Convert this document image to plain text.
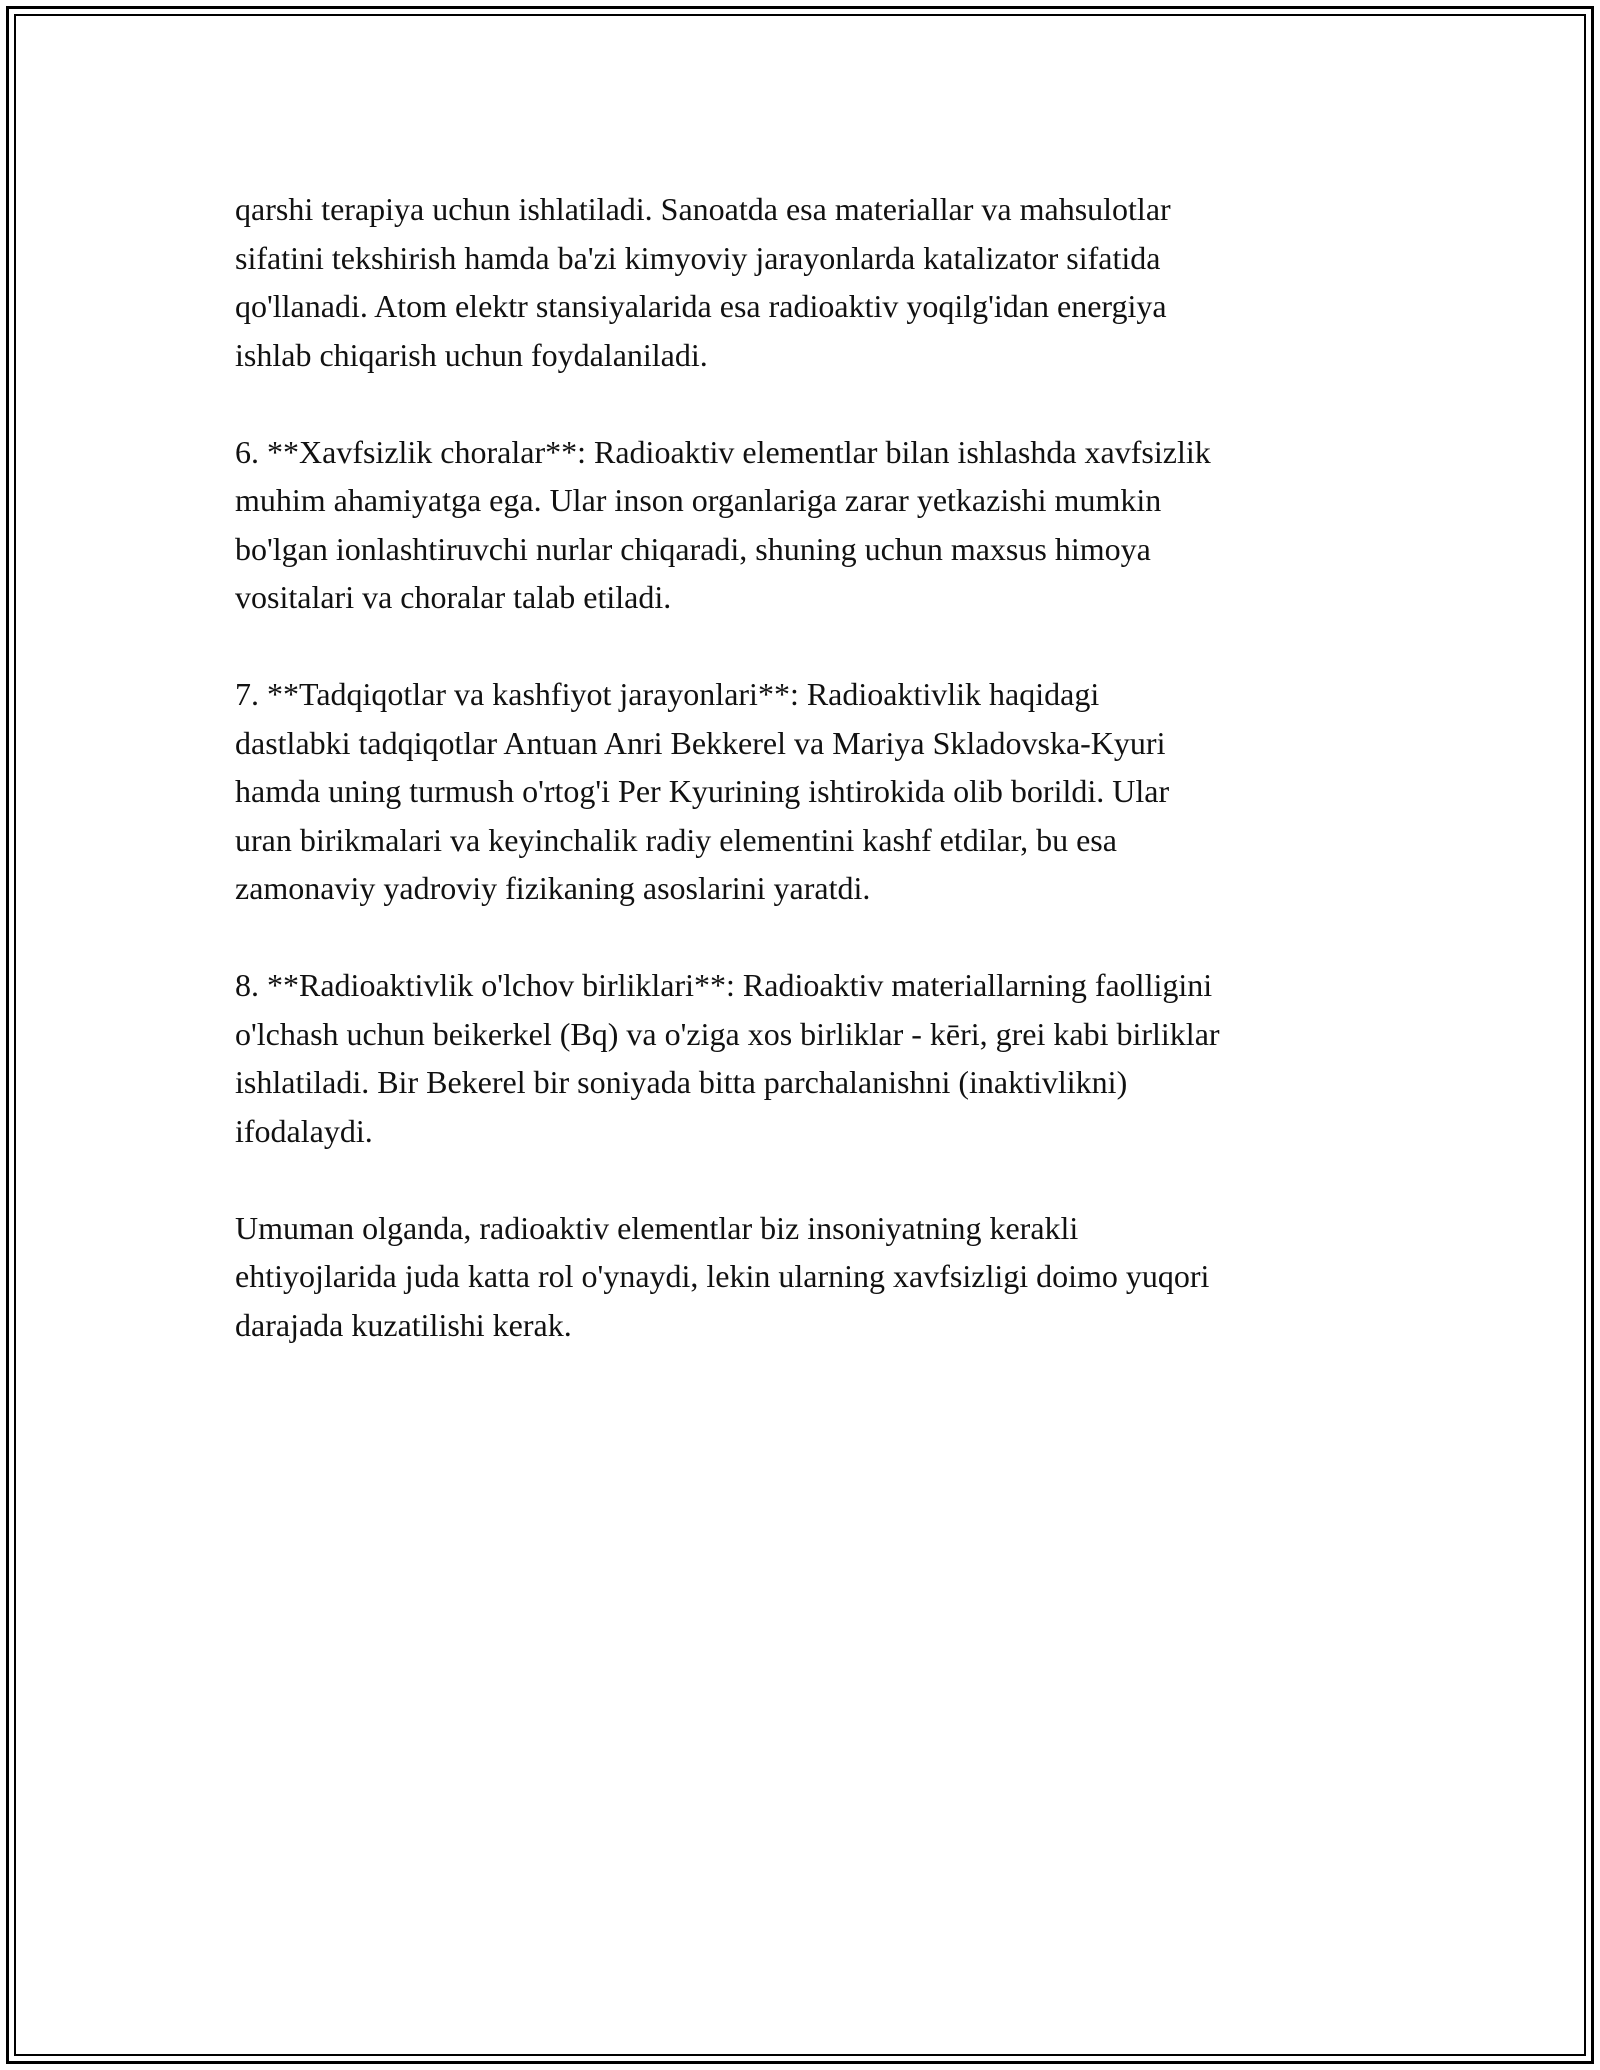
qarshi terapiya uchun ishlatiladi. Sanoatda esa materiallar va mahsulotlar
sifatini tekshirish hamda ba'zi kimyoviy jarayonlarda katalizator sifatida
qo'llanadi. Atom elektr stansiyalarida esa radioaktiv yoqilg'idan energiya
ishlab chiqarish uchun foydalaniladi.

6. **Xavfsizlik choralar**: Radioaktiv elementlar bilan ishlashda xavfsizlik
muhim ahamiyatga ega. Ular inson organlariga zarar yetkazishi mumkin
bo'lgan ionlashtiruvchi nurlar chiqaradi, shuning uchun maxsus himoya
vositalari va choralar talab etiladi.

7. **Tadqiqotlar va kashfiyot jarayonlari**: Radioaktivlik haqidagi
dastlabki tadqiqotlar Antuan Anri Bekkerel va Mariya Skladovska-Kyuri
hamda uning turmush o'rtog'i Per Kyurining ishtirokida olib borildi. Ular
uran birikmalari va keyinchalik radiy elementini kashf etdilar, bu esa
zamonaviy yadroviy fizikaning asoslarini yaratdi.

8. **Radioaktivlik o'lchov birliklari**: Radioaktiv materiallarning faolligini
o'lchash uchun beikerkel (Bq) va o'ziga xos birliklar - kēri, grei kabi birliklar
ishlatiladi. Bir Bekerel bir soniyada bitta parchalanishni (inaktivlikni)
ifodalaydi.

Umuman olganda, radioaktiv elementlar biz insoniyatning kerakli
ehtiyojlarida juda katta rol o'ynaydi, lekin ularning xavfsizligi doimo yuqori
darajada kuzatilishi kerak.
